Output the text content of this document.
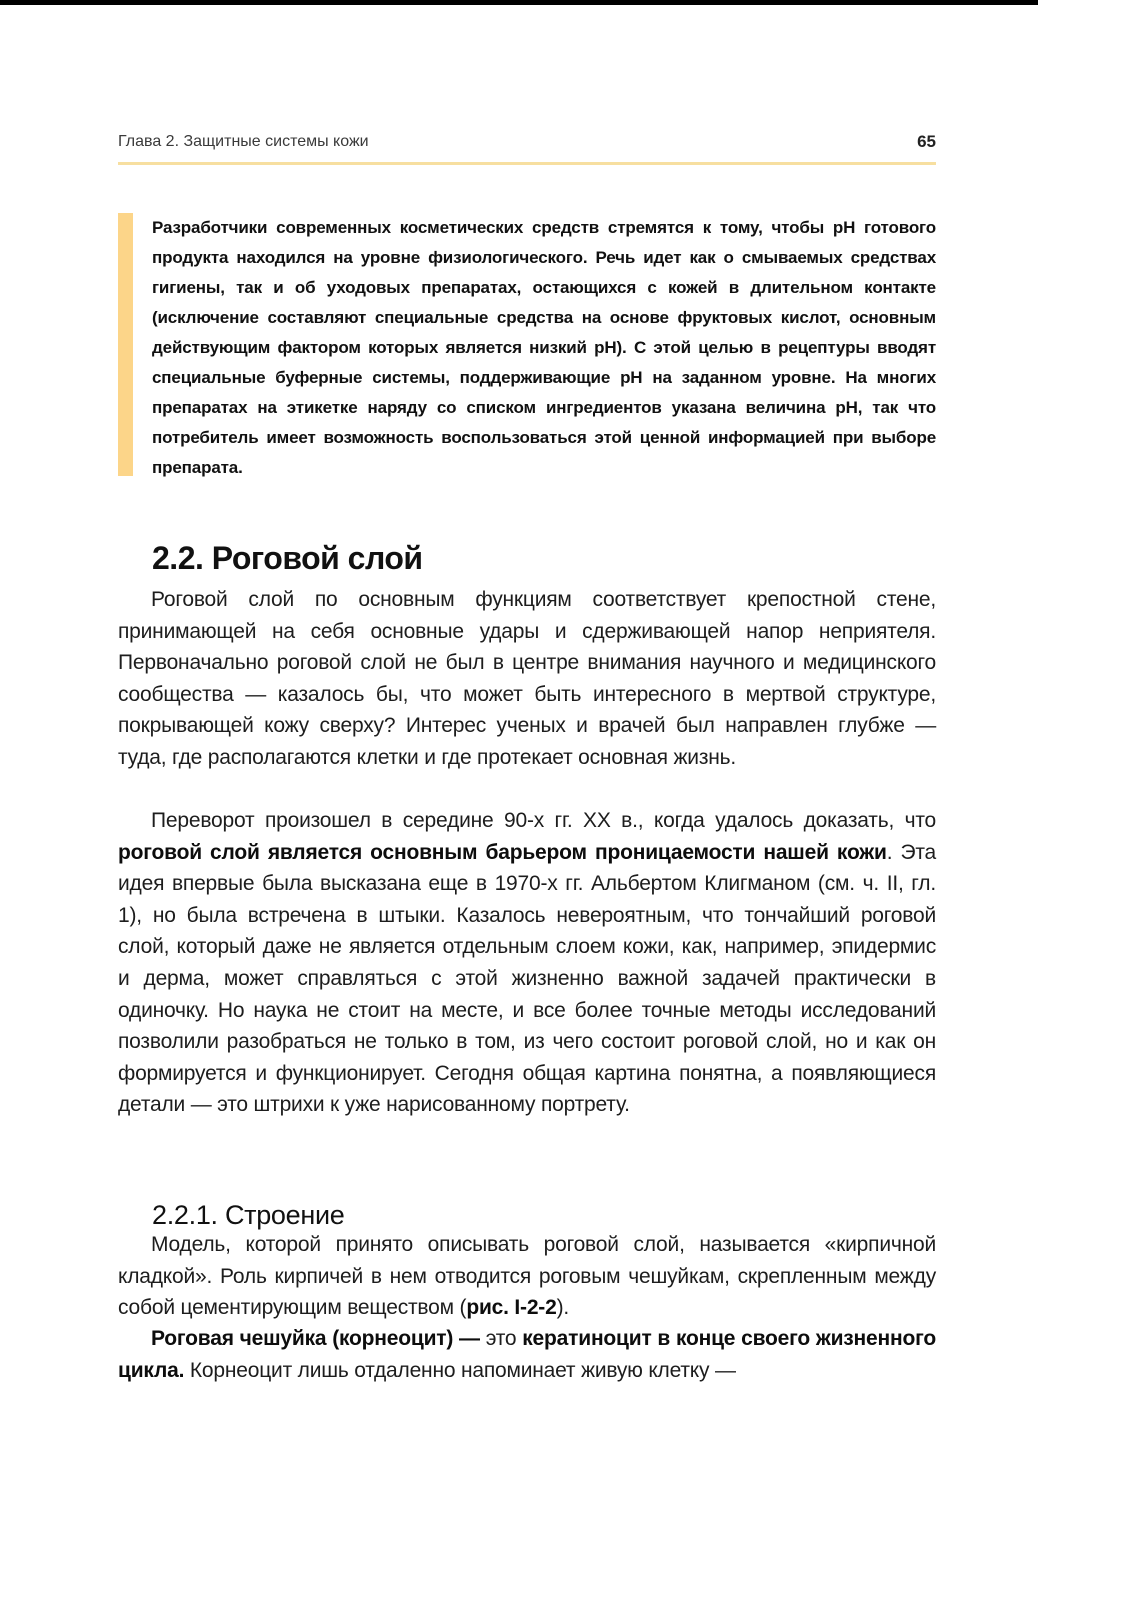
Глава 2. Защитные системы кожи	65
Разработчики современных косметических средств стремятся к тому, чтобы pH готового продукта находился на уровне физиологического. Речь идет как о смываемых средствах гигиены, так и об уходовых препаратах, остающихся с кожей в длительном контакте (исключение составляют специальные средства на основе фруктовых кислот, основным действующим фактором которых является низкий pH). С этой целью в рецептуры вводят специальные буферные системы, поддерживающие pH на заданном уровне. На многих препаратах на этикетке наряду со списком ингредиентов указана величина pH, так что потребитель имеет возможность воспользоваться этой ценной информацией при выборе препарата.
2.2. Роговой слой

Роговой слой по основным функциям соответствует крепостной стене, принимающей на себя основные удары и сдерживающей напор неприятеля. Первоначально роговой слой не был в центре внимания научного и медицинского сообщества — казалось бы, что может быть интересного в мертвой структуре, покрывающей кожу сверху? Интерес ученых и врачей был направлен глубже — туда, где располагаются клетки и где протекает основная жизнь.

Переворот произошел в середине 90-х гг. XX в., когда удалось доказать, что роговой слой является основным барьером проницаемости нашей кожи. Эта идея впервые была высказана еще в 1970-х гг. Альбертом Клигманом (см. ч. II, гл. 1), но была встречена в штыки. Казалось невероятным, что тончайший роговой слой, который даже не является отдельным слоем кожи, как, например, эпидермис и дерма, может справляться с этой жизненно важной задачей практически в одиночку. Но наука не стоит на месте, и все более точные методы исследований позволили разобраться не только в том, из чего состоит роговой слой, но и как он формируется и функционирует. Сегодня общая картина понятна, а появляющиеся детали — это штрихи к уже нарисованному портрету.

2.2.1. Строение

Модель, которой принято описывать роговой слой, называется «кирпичной кладкой». Роль кирпичей в нем отводится роговым чешуйкам, скрепленным между собой цементирующим веществом (рис. I-2-2).

Роговая чешуйка (корнеоцит) — это кератиноцит в конце своего жизненного цикла. Корнеоцит лишь отдаленно напоминает живую клетку —
